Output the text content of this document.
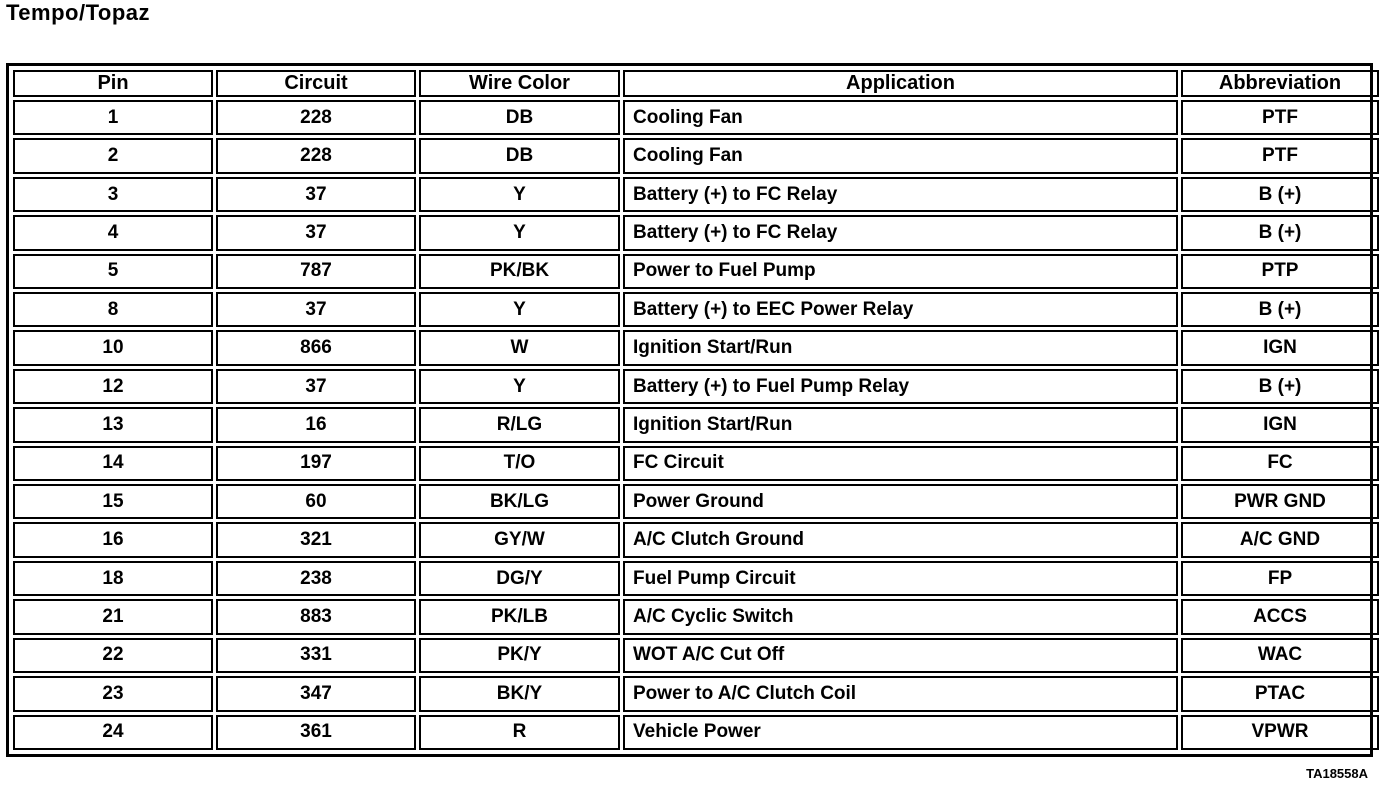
Tempo/Topaz
Pin	Circuit	Wire Color	Application	Abbreviation
1	228	DB	Cooling Fan	PTF
2	228	DB	Cooling Fan	PTF
3	37	Y	Battery (+) to FC Relay	B (+)
4	37	Y	Battery (+) to FC Relay	B (+)
5	787	PK/BK	Power to Fuel Pump	PTP
8	37	Y	Battery (+) to EEC Power Relay	B (+)
10	866	W	Ignition Start/Run	IGN
12	37	Y	Battery (+) to Fuel Pump Relay	B (+)
13	16	R/LG	Ignition Start/Run	IGN
14	197	T/O	FC Circuit	FC
15	60	BK/LG	Power Ground	PWR GND
16	321	GY/W	A/C Clutch Ground	A/C GND
18	238	DG/Y	Fuel Pump Circuit	FP
21	883	PK/LB	A/C Cyclic Switch	ACCS
22	331	PK/Y	WOT A/C Cut Off	WAC
23	347	BK/Y	Power to A/C Clutch Coil	PTAC
24	361	R	Vehicle Power	VPWR
TA18558A
